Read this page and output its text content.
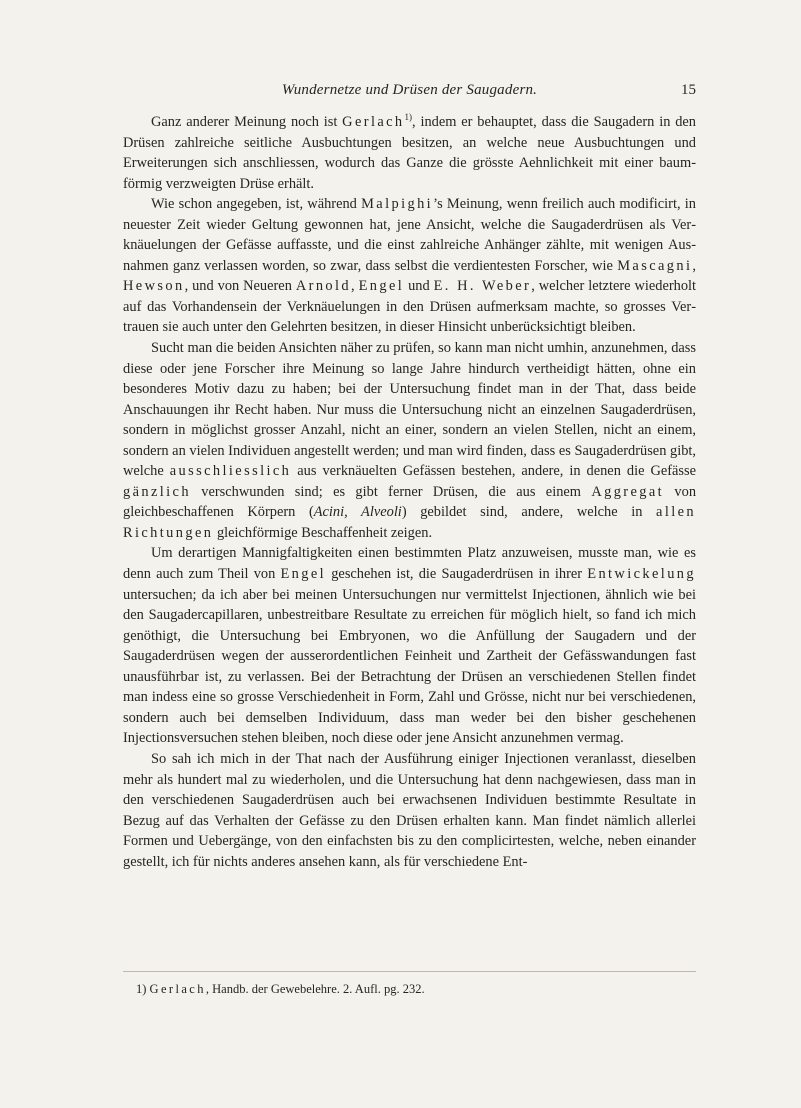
Wundernetze und Drüsen der Saugadern.	15

Ganz anderer Meinung noch ist Gerlach$^{1)}$, indem er behauptet, dass die Saugadern in den Drüsen zahlreiche seitliche Ausbuchtungen besitzen, an welche neue Ausbuchtungen und Erweiterungen sich anschliessen, wodurch das Ganze die grösste Aehnlichkeit mit einer baumförmig verzweigten Drüse erhält.

Wie schon angegeben, ist, während Malpighi’s Meinung, wenn freilich auch modificirt, in neuester Zeit wieder Geltung gewonnen hat, jene Ansicht, welche die Saugaderdrüsen als Verknäuelungen der Gefässe auffasste, und die einst zahlreiche Anhänger zählte, mit wenigen Ausnahmen ganz verlassen worden, so zwar, dass selbst die verdientesten Forscher, wie Mascagni, Hewson, und von Neueren Arnold, Engel und E. H. Weber, welcher letztere wiederholt auf das Vorhandensein der Verknäuelungen in den Drüsen aufmerksam machte, so grosses Vertrauen sie auch unter den Gelehrten besitzen, in dieser Hinsicht unberücksichtigt bleiben.

Sucht man die beiden Ansichten näher zu prüfen, so kann man nicht umhin, anzunehmen, dass diese oder jene Forscher ihre Meinung so lange Jahre hindurch vertheidigt hätten, ohne ein besonderes Motiv dazu zu haben; bei der Untersuchung findet man in der That, dass beide Anschauungen ihr Recht haben. Nur muss die Untersuchung nicht an einzelnen Saugaderdrüsen, sondern in möglichst grosser Anzahl, nicht an einer, sondern an vielen Stellen, nicht an einem, sondern an vielen Individuen angestellt werden; und man wird finden, dass es Saugaderdrüsen gibt, welche ausschliesslich aus verknäuelten Gefässen bestehen, andere, in denen die Gefässe gänzlich verschwunden sind; es gibt ferner Drüsen, die aus einem Aggregat von gleichbeschaffenen Körpern (Acini, Alveoli) gebildet sind, andere, welche in allen Richtungen gleichförmige Beschaffenheit zeigen.

Um derartigen Mannigfaltigkeiten einen bestimmten Platz anzuweisen, musste man, wie es denn auch zum Theil von Engel geschehen ist, die Saugaderdrüsen in ihrer Entwickelung untersuchen; da ich aber bei meinen Untersuchungen nur vermittelst Injectionen, ähnlich wie bei den Saugadercapillaren, unbestreitbare Resultate zu erreichen für möglich hielt, so fand ich mich genöthigt, die Untersuchung bei Embryonen, wo die Anfüllung der Saugadern und der Saugaderdrüsen wegen der ausserordentlichen Feinheit und Zartheit der Gefässwandungen fast unausführbar ist, zu verlassen. Bei der Betrachtung der Drüsen an verschiedenen Stellen findet man indess eine so grosse Verschiedenheit in Form, Zahl und Grösse, nicht nur bei verschiedenen, sondern auch bei demselben Individuum, dass man weder bei den bisher geschehenen Injectionsversuchen stehen bleiben, noch diese oder jene Ansicht anzunehmen vermag.

So sah ich mich in der That nach der Ausführung einiger Injectionen veranlasst, dieselben mehr als hundert mal zu wiederholen, und die Untersuchung hat denn nachgewiesen, dass man in den verschiedenen Saugaderdrüsen auch bei erwachsenen Individuen bestimmte Resultate in Bezug auf das Verhalten der Gefässe zu den Drüsen erhalten kann. Man findet nämlich allerlei Formen und Uebergänge, von den einfachsten bis zu den complicirtesten, welche, neben einander gestellt, ich für nichts anderes ansehen kann, als für verschiedene Ent-

1) Gerlach, Handb. der Gewebelehre. 2. Aufl. pg. 232.
